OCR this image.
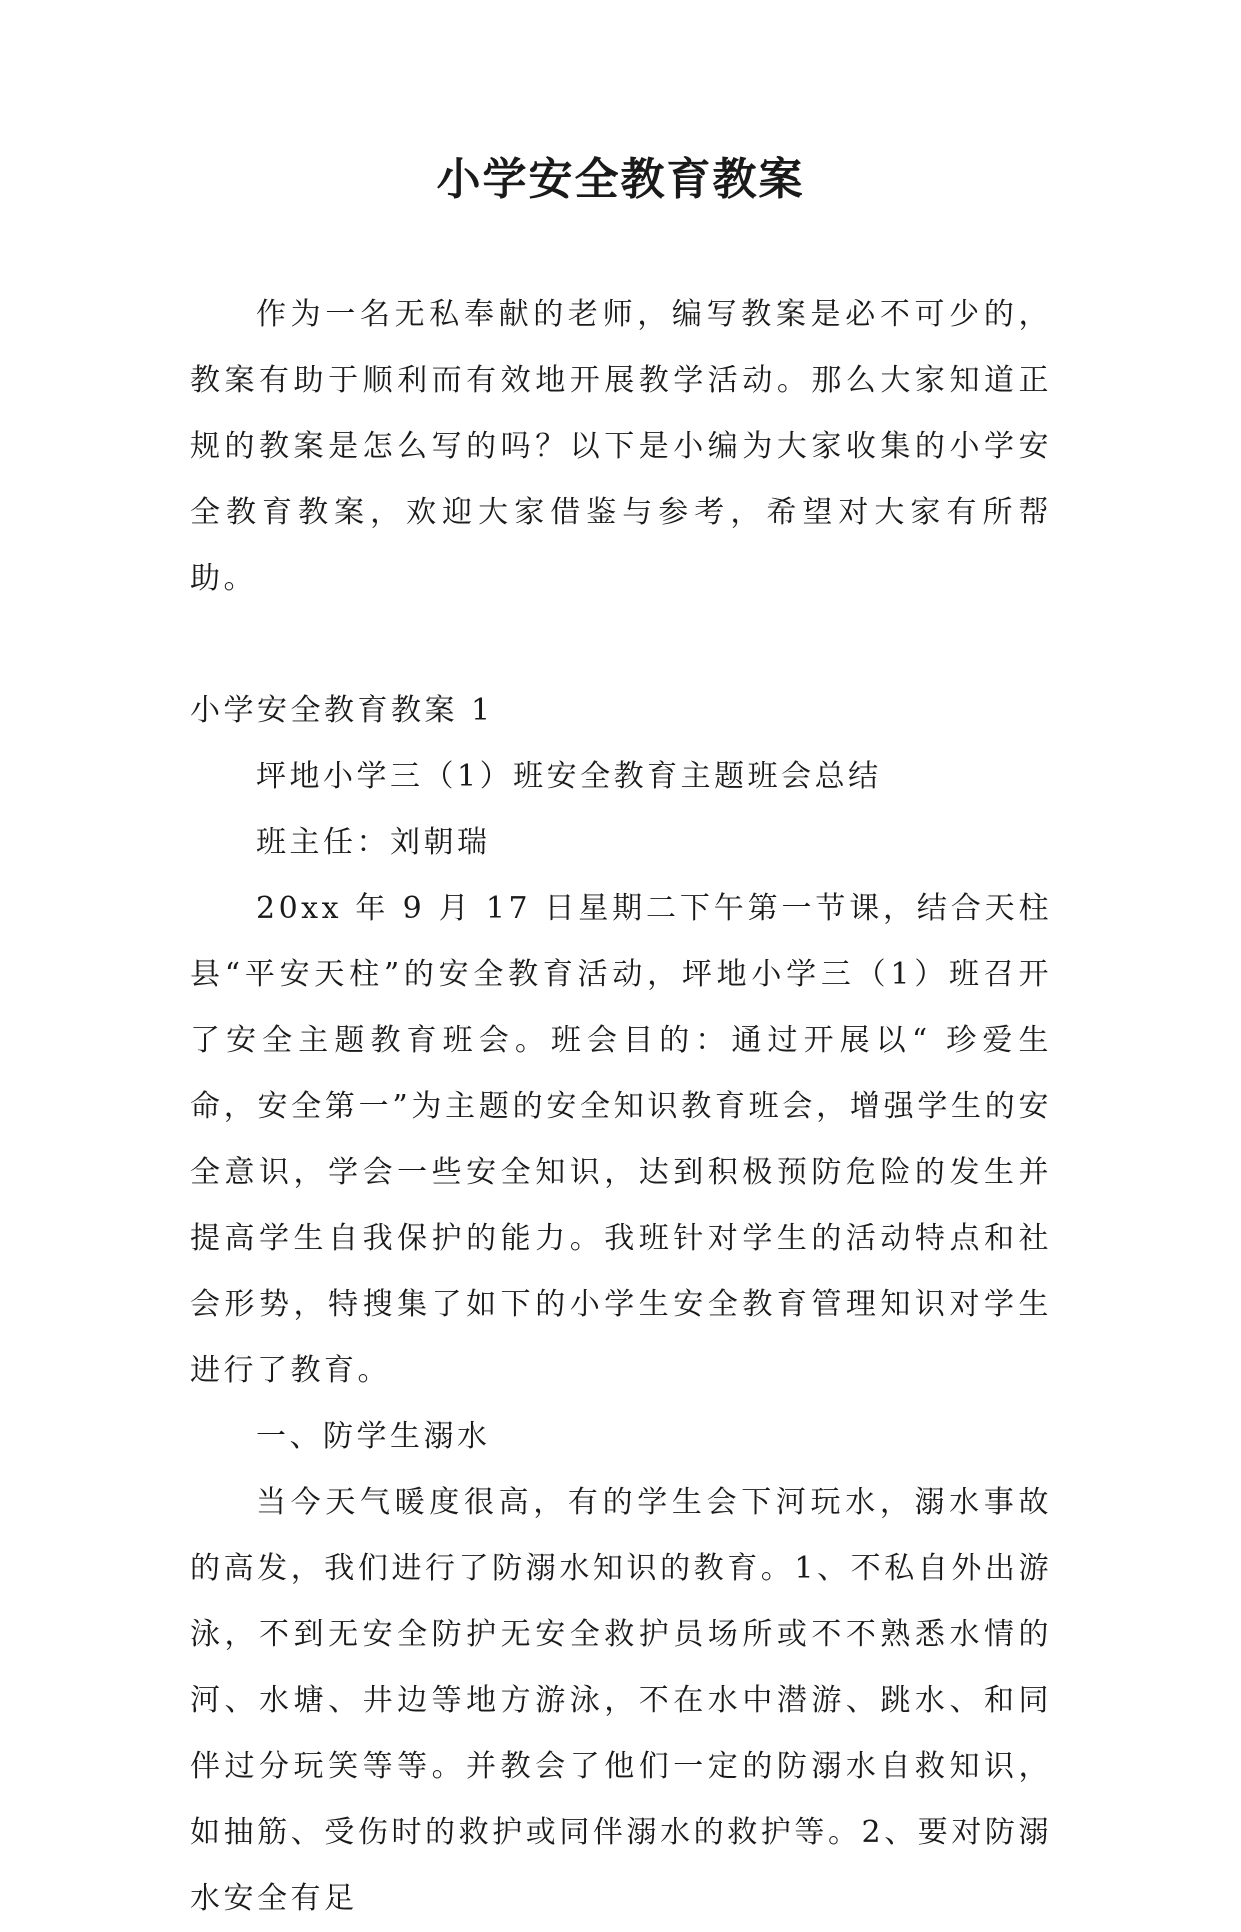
小学安全教育教案

作为一名无私奉献的老师，编写教案是必不可少的，教案有助于顺利而有效地开展教学活动。那么大家知道正规的教案是怎么写的吗？以下是小编为大家收集的小学安全教育教案，欢迎大家借鉴与参考，希望对大家有所帮助。

小学安全教育教案 1

坪地小学三（1）班安全教育主题班会总结

班主任：刘朝瑞

20xx 年 9 月 17 日星期二下午第一节课，结合天柱县“平安天柱”的安全教育活动，坪地小学三（1）班召开了安全主题教育班会。班会目的：通过开展以“ 珍爱生命，安全第一”为主题的安全知识教育班会，增强学生的安全意识，学会一些安全知识，达到积极预防危险的发生并提高学生自我保护的能力。我班针对学生的活动特点和社会形势，特搜集了如下的小学生安全教育管理知识对学生进行了教育。

一、防学生溺水

当今天气暖度很高，有的学生会下河玩水，溺水事故的高发，我们进行了防溺水知识的教育。1、不私自外出游泳，不到无安全防护无安全救护员场所或不不熟悉水情的河、水塘、井边等地方游泳，不在水中潜游、跳水、和同伴过分玩笑等等。并教会了他们一定的防溺水自救知识，如抽筋、受伤时的救护或同伴溺水的救护等。2、要对防溺水安全有足
